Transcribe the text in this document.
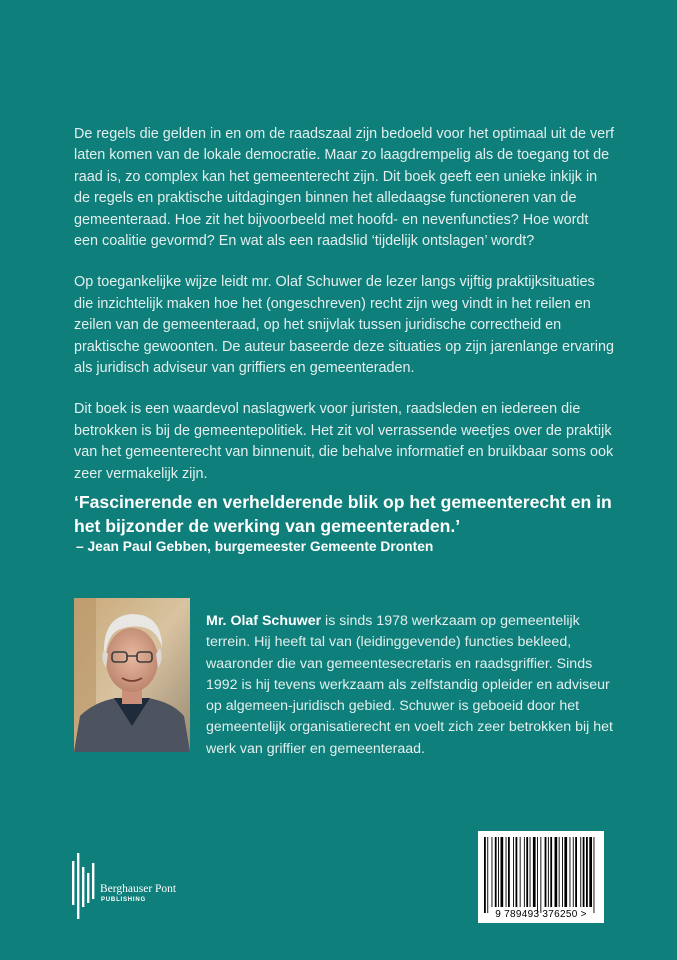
De regels die gelden in en om de raadszaal zijn bedoeld voor het optimaal uit de verf laten komen van de lokale democratie. Maar zo laagdrempelig als de toegang tot de raad is, zo complex kan het gemeenterecht zijn. Dit boek geeft een unieke inkijk in de regels en praktische uitdagingen binnen het alledaagse functioneren van de gemeenteraad. Hoe zit het bijvoorbeeld met hoofd- en nevenfuncties? Hoe wordt een coalitie gevormd? En wat als een raadslid ‘tijdelijk ontslagen’ wordt?

Op toegankelijke wijze leidt mr. Olaf Schuwer de lezer langs vijftig praktijksituaties die inzichtelijk maken hoe het (ongeschreven) recht zijn weg vindt in het reilen en zeilen van de gemeenteraad, op het snijvlak tussen juridische correctheid en praktische gewoonten. De auteur baseerde deze situaties op zijn jarenlange ervaring als juridisch adviseur van griffiers en gemeenteraden.

Dit boek is een waardevol naslagwerk voor juristen, raadsleden en iedereen die betrokken is bij de gemeentepolitiek. Het zit vol verrassende weetjes over de praktijk van het gemeenterecht van binnenuit, die behalve informatief en bruikbaar soms ook zeer vermakelijk zijn.

‘Fascinerende en verhelderende blik op het gemeenterecht en in het bijzonder de werking van gemeenteraden.’
– Jean Paul Gebben, burgemeester Gemeente Dronten
Mr. Olaf Schuwer is sinds 1978 werkzaam op gemeentelijk terrein. Hij heeft tal van (leidinggevende) functies bekleed, waaronder die van gemeentesecretaris en raadsgriffier. Sinds 1992 is hij tevens werkzaam als zelfstandig opleider en adviseur op algemeen-juridisch gebied. Schuwer is geboeid door het gemeentelijk organisatierecht en voelt zich zeer betrokken bij het werk van griffier en gemeenteraad.
Berghauser Pont
PUBLISHING
9 789493 376250 >
